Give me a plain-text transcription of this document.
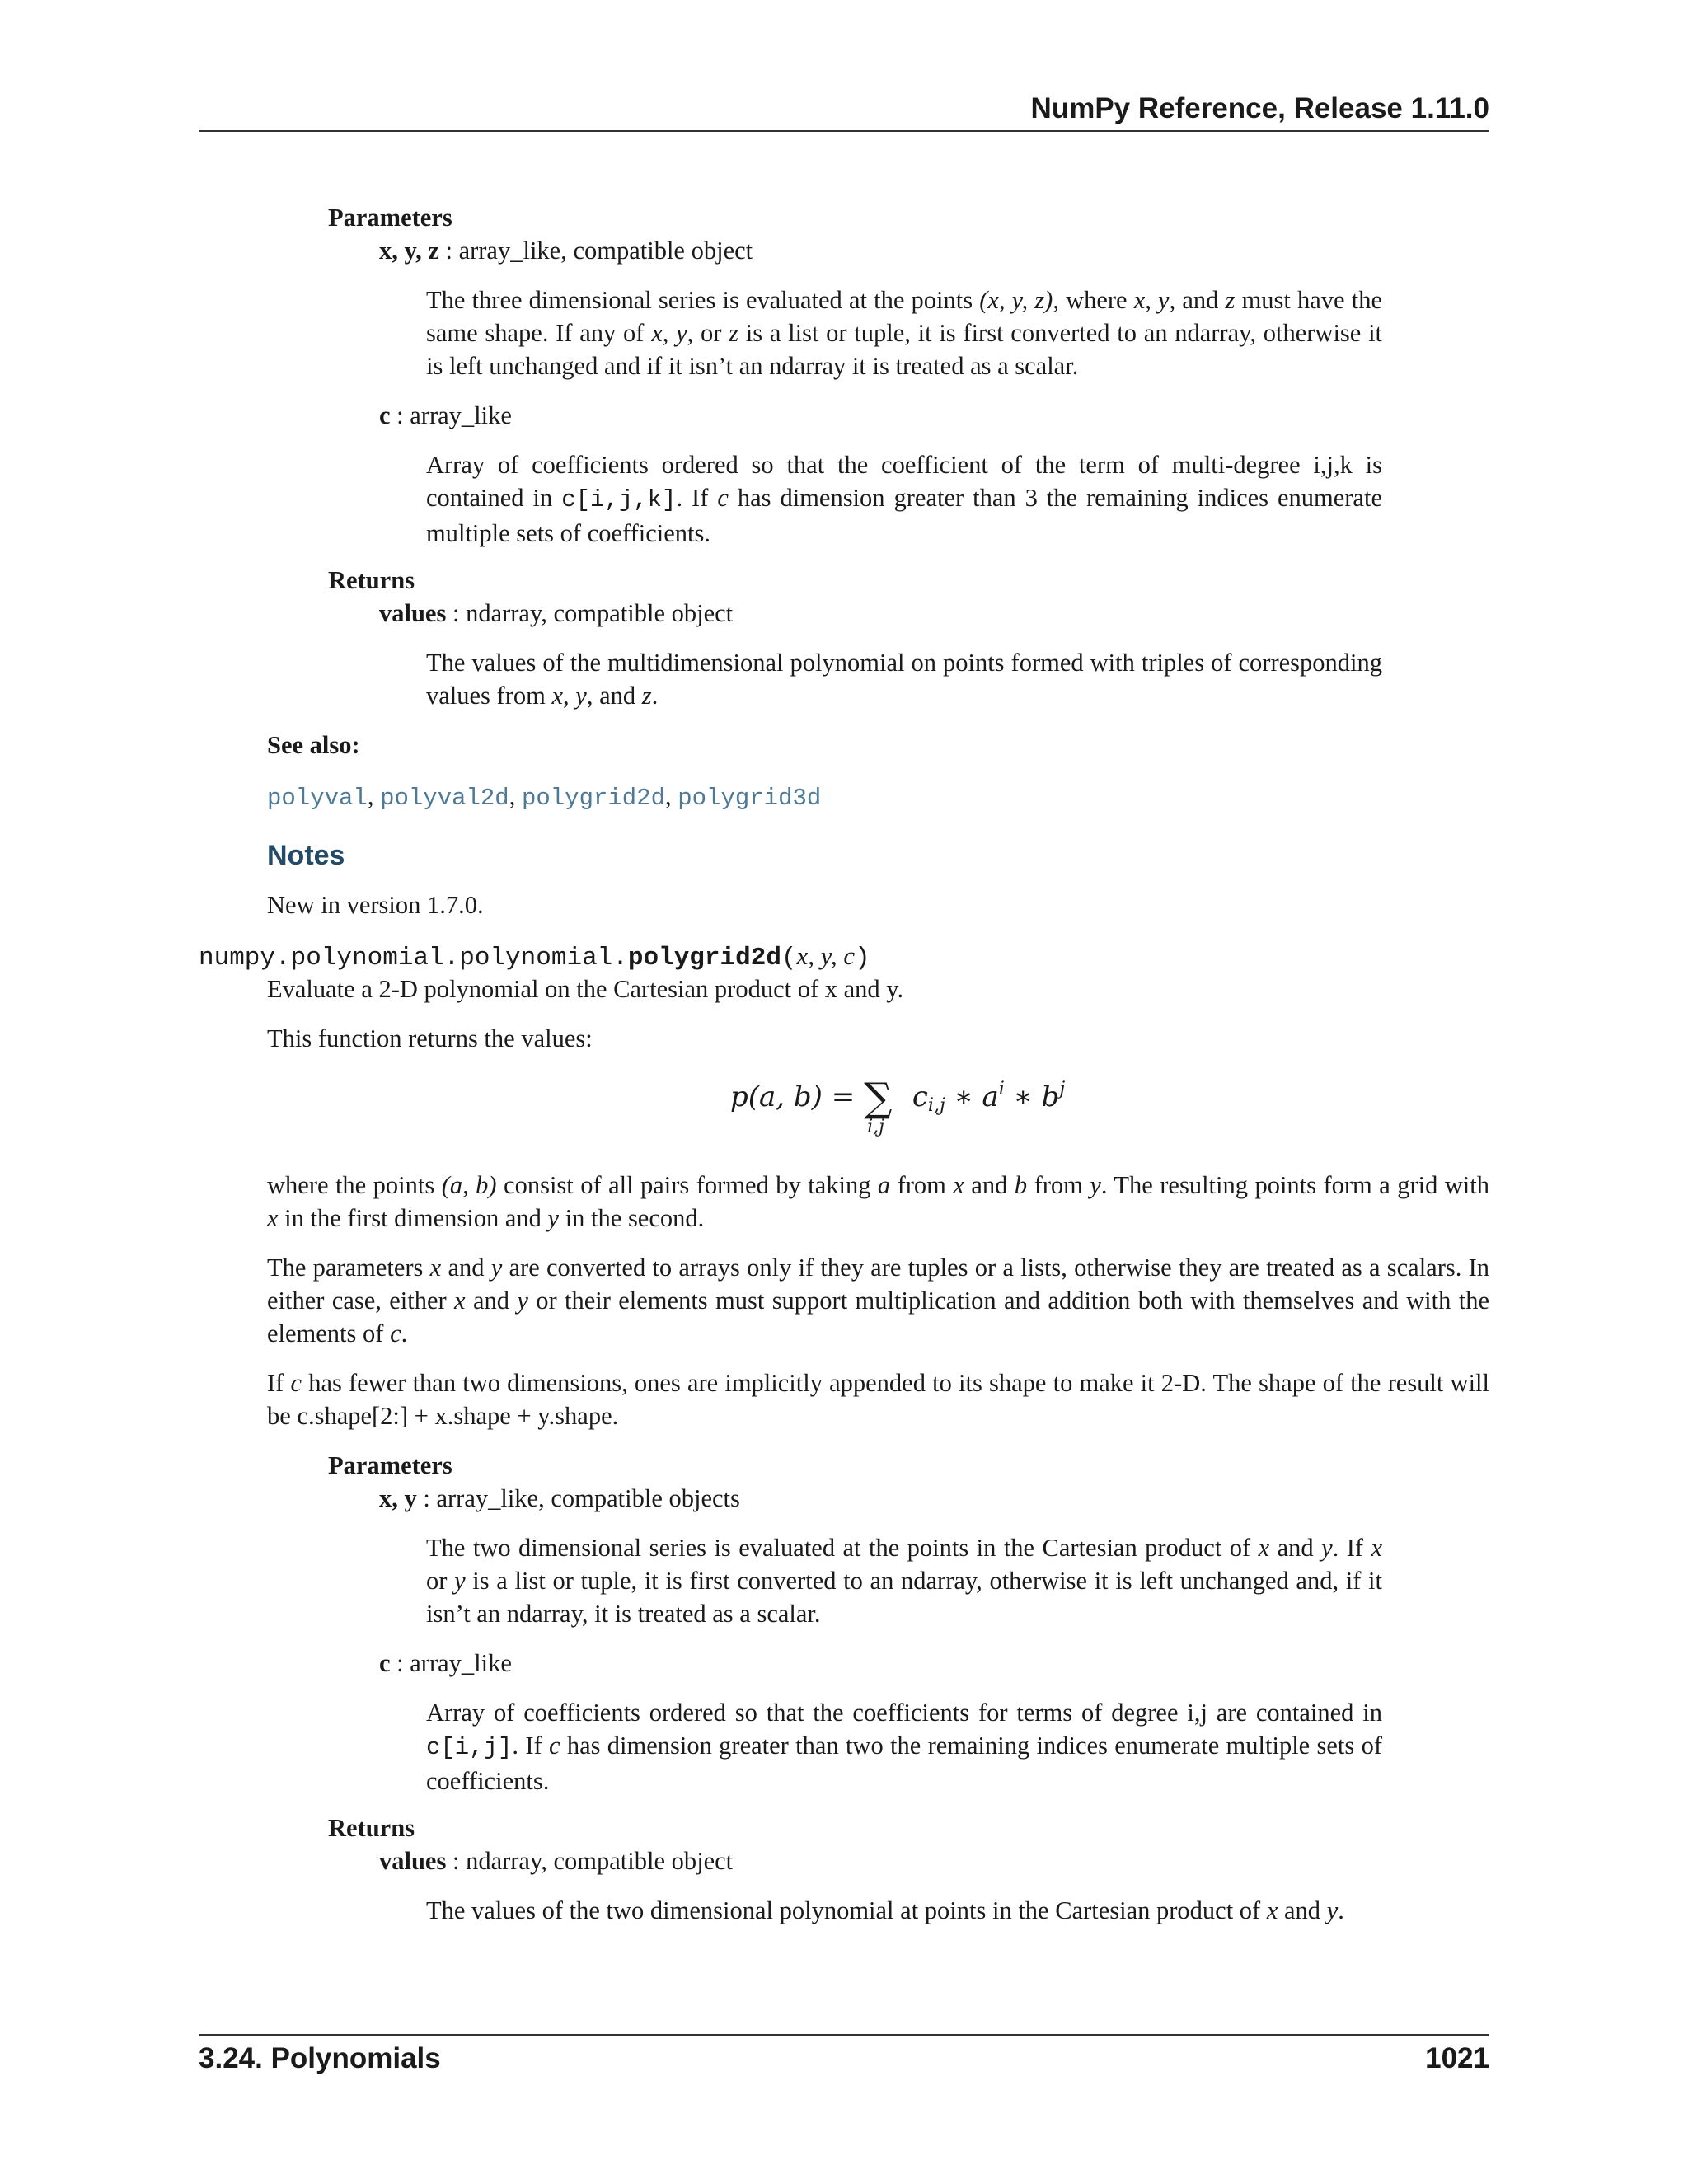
NumPy Reference, Release 1.11.0
Parameters
x, y, z : array_like, compatible object

The three dimensional series is evaluated at the points (x, y, z), where x, y, and z must have the same shape. If any of x, y, or z is a list or tuple, it is first converted to an ndarray, otherwise it is left unchanged and if it isn’t an ndarray it is treated as a scalar.

c : array_like

Array of coefficients ordered so that the coefficient of the term of multi-degree i,j,k is contained in c[i,j,k]. If c has dimension greater than 3 the remaining indices enumerate multiple sets of coefficients.

Returns
values : ndarray, compatible object

The values of the multidimensional polynomial on points formed with triples of corresponding values from x, y, and z.

See also:
polyval, polyval2d, polygrid2d, polygrid3d
Notes
New in version 1.7.0.
numpy.polynomial.polynomial.polygrid2d(x, y, c)
Evaluate a 2-D polynomial on the Cartesian product of x and y.
This function returns the values:
p(a, b) = ∑
i,j
$c_{i,j}$ ∗ $a^i$ ∗ $b^j$

where the points (a, b) consist of all pairs formed by taking a from x and b from y. The resulting points form a grid with x in the first dimension and y in the second.

The parameters x and y are converted to arrays only if they are tuples or a lists, otherwise they are treated as a scalars. In either case, either x and y or their elements must support multiplication and addition both with themselves and with the elements of c.

If c has fewer than two dimensions, ones are implicitly appended to its shape to make it 2-D. The shape of the result will be c.shape[2:] + x.shape + y.shape.

Parameters
x, y : array_like, compatible objects

The two dimensional series is evaluated at the points in the Cartesian product of x and y. If x or y is a list or tuple, it is first converted to an ndarray, otherwise it is left unchanged and, if it isn’t an ndarray, it is treated as a scalar.

c : array_like

Array of coefficients ordered so that the coefficients for terms of degree i,j are contained in c[i,j]. If c has dimension greater than two the remaining indices enumerate multiple sets of coefficients.

Returns
values : ndarray, compatible object

The values of the two dimensional polynomial at points in the Cartesian product of x and y.

3.24. Polynomials	1021
